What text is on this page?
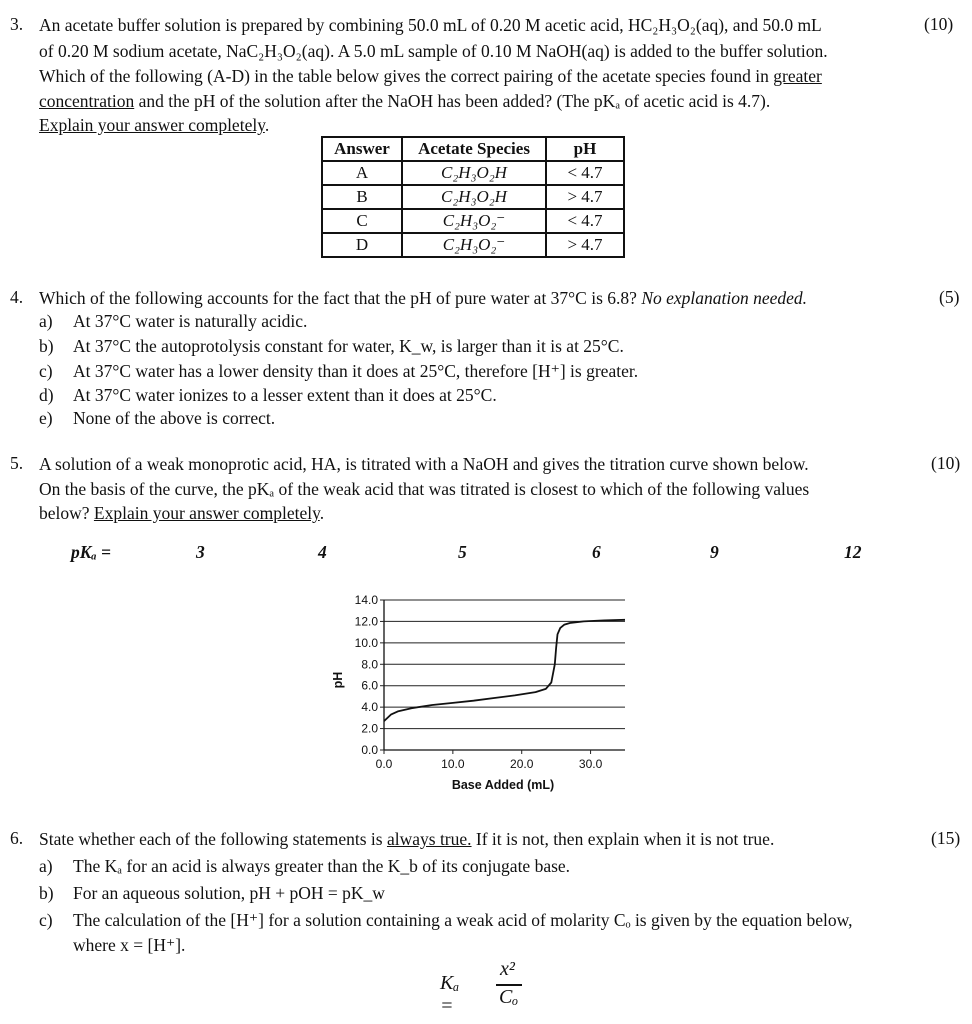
3.	(10)
An acetate buffer solution is prepared by combining 50.0 mL of 0.20 M acetic acid, HC₂H₃O₂(aq), and 50.0 mL
of 0.20 M sodium acetate, NaC₂H₃O₂(aq). A 5.0 mL sample of 0.10 M NaOH(aq) is added to the buffer solution.
Which of the following (A-D) in the table below gives the correct pairing of the acetate species found in greater
concentration and the pH of the solution after the NaOH has been added? (The pKₐ of acetic acid is 4.7).
Explain your answer completely.
Answer	Acetate Species	pH
A	C₂H₃O₂H	< 4.7
B	C₂H₃O₂H	> 4.7
C	C₂H₃O₂⁻	< 4.7
D	C₂H₃O₂⁻	> 4.7
4.	(5)
Which of the following accounts for the fact that the pH of pure water at 37°C is 6.8? No explanation needed.
a) At 37°C water is naturally acidic.
b) At 37°C the autoprotolysis constant for water, K_w, is larger than it is at 25°C.
c) At 37°C water has a lower density than it does at 25°C, therefore [H⁺] is greater.
d) At 37°C water ionizes to a lesser extent than it does at 25°C.
e) None of the above is correct.
5.	(10)
A solution of a weak monoprotic acid, HA, is titrated with a NaOH and gives the titration curve shown below.
On the basis of the curve, the pKₐ of the weak acid that was titrated is closest to which of the following values
below? Explain your answer completely.
pKₐ =	3	4	5	6	9	12
0.0
2.0
4.0
6.0
8.0
10.0
12.0
14.0
0.0	10.0	20.0	30.0
pH
Base Added (mL)
6.	(15)
State whether each of the following statements is always true. If it is not, then explain when it is not true.
a) The Kₐ for an acid is always greater than the K_b of its conjugate base.
b) For an aqueous solution, pH + pOH = pK_w
c) The calculation of the [H⁺] for a solution containing a weak acid of molarity Cₒ is given by the equation below,
where x = [H⁺].
Kₐ =
x²
Cₒ
